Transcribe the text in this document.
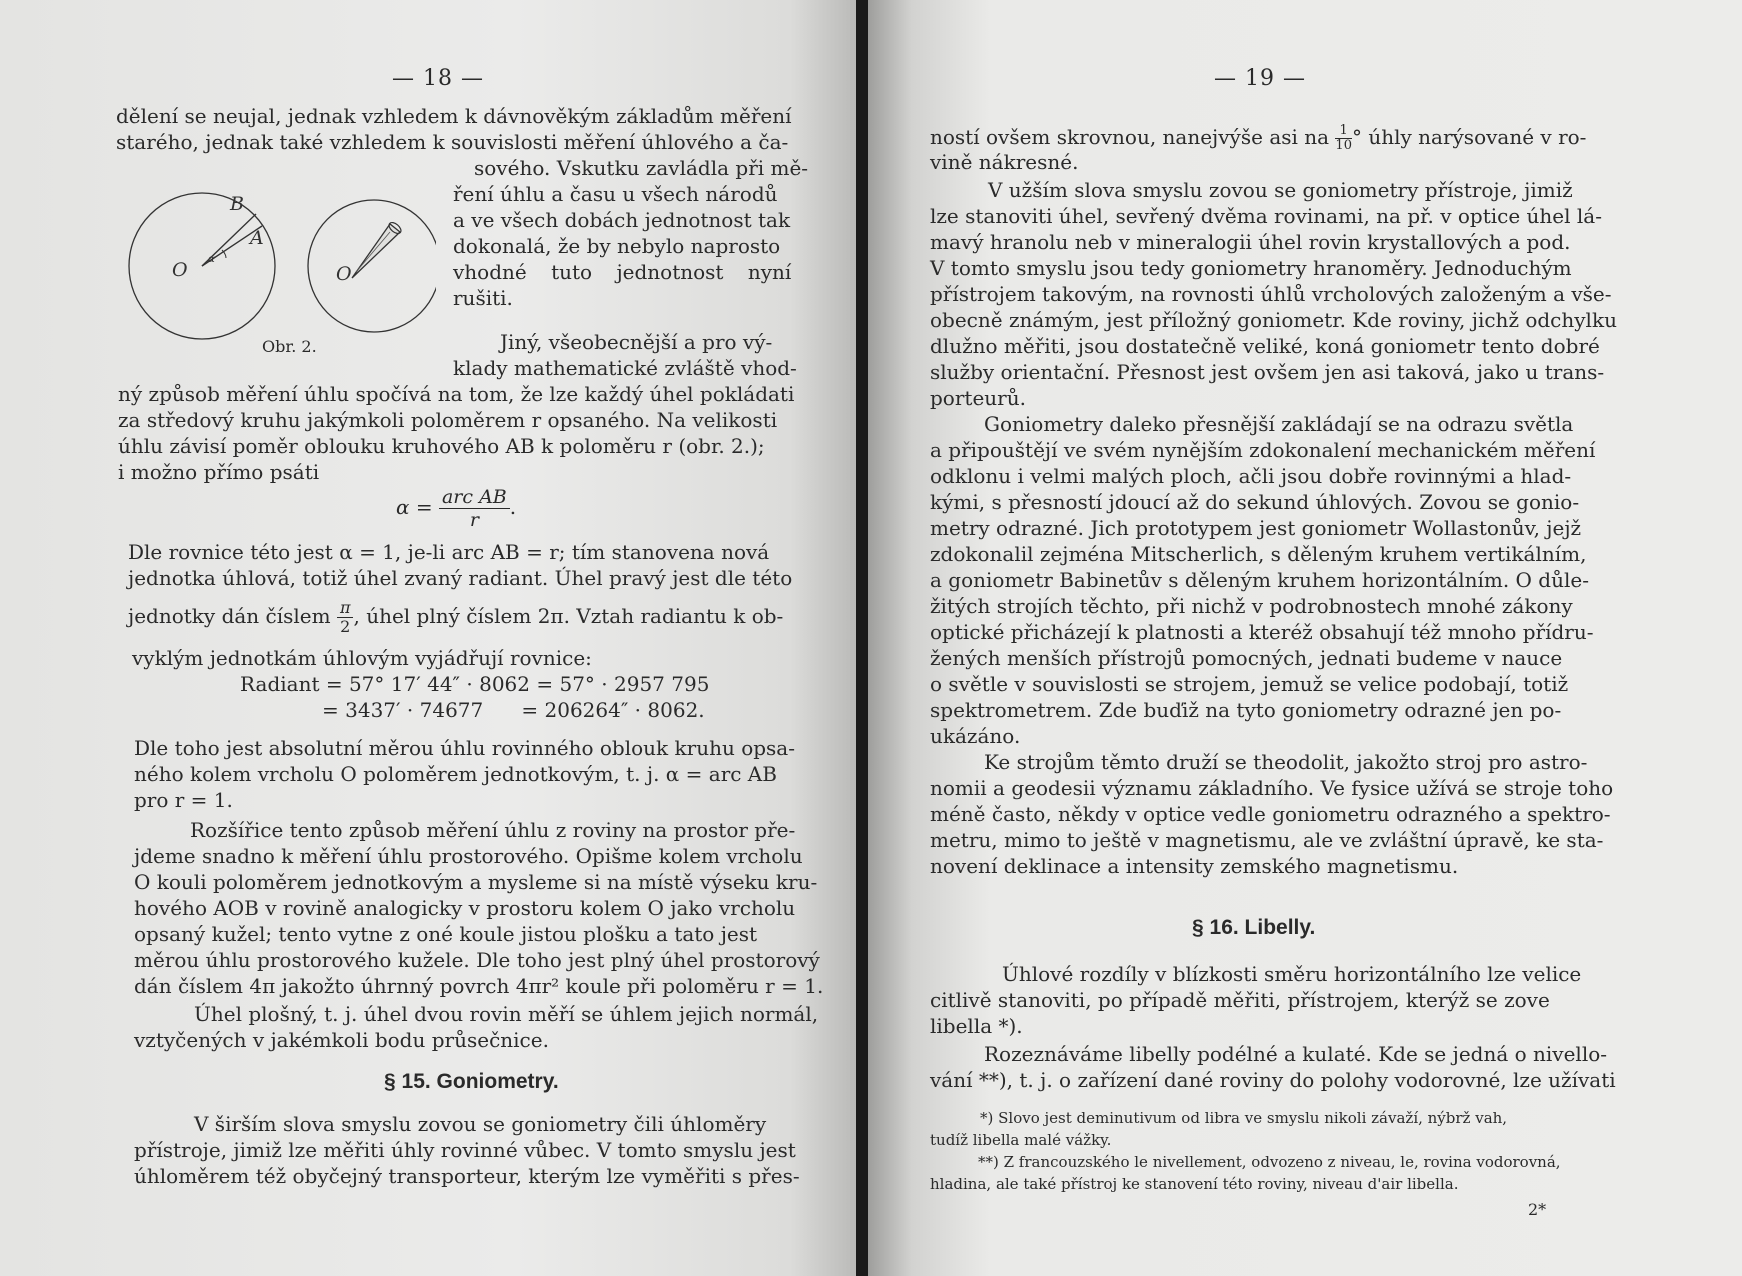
— 18 —
dělení se neujal, jednak vzhledem k dávnověkým základům měření
starého, jednak také vzhledem k souvislosti měření úhlového a ča-
sového. Vskutku zavládla při mě-
ření úhlu a času u všech národů
a ve všech dobách jednotnost tak
dokonalá, že by nebylo naprosto
vhodné tuto jednotnost nyní
rušiti.
B
A
O α
O
Obr. 2.	Jiný, všeobecnější a pro vý-
klady mathematické zvláště vhod-
ný způsob měření úhlu spočívá na tom, že lze každý úhel pokládati
za středový kruhu jakýmkoli poloměrem r opsaného. Na velikosti
úhlu závisí poměr oblouku kruhového AB k poloměru r (obr. 2.);
i možno přímo psáti
$\alpha = \frac{\text{arc AB}}{r}$ .
Dle rovnice této jest α = 1, je-li arc AB = r; tím stanovena nová
jednotka úhlová, totiž úhel zvaný radiant. Úhel pravý jest dle této
jednotky dán číslem $\frac{\pi}{2}$ , úhel plný číslem 2π. Vztah radiantu k ob-
vyklým jednotkám úhlovým vyjádřují rovnice:
Radiant = 57° 17′ 44″ · 8062 = 57° · 2957 795
= 3437′ · 74677      = 206264″ · 8062.
Dle toho jest absolutní měrou úhlu rovinného oblouk kruhu opsa-
ného kolem vrcholu O poloměrem jednotkovým, t. j. α = arc AB
pro r = 1.
Rozšířice tento způsob měření úhlu z roviny na prostor pře-
jdeme snadno k měření úhlu prostorového. Opišme kolem vrcholu
O kouli poloměrem jednotkovým a mysleme si na místě výseku kru-
hového AOB v rovině analogicky v prostoru kolem O jako vrcholu
opsaný kužel; tento vytne z oné koule jistou plošku a tato jest
měrou úhlu prostorového kužele. Dle toho jest plný úhel prostorový
dán číslem 4π jakožto úhrnný povrch 4πr² koule při poloměru r = 1.
Úhel plošný, t. j. úhel dvou rovin měří se úhlem jejich normál,
vztyčených v jakémkoli bodu průsečnice.
§ 15. Goniometry.
V širším slova smyslu zovou se goniometry čili úhloměry
přístroje, jimiž lze měřiti úhly rovinné vůbec. V tomto smyslu jest
úhloměrem též obyčejný transporteur, kterým lze vyměřiti s přes-
— 19 —
ností ovšem skrovnou, nanejvýše asi na $\frac{1}{10}$ ° úhly narýsované v ro-
vině nákresné.
V užším slova smyslu zovou se goniometry přístroje, jimiž
lze stanoviti úhel, sevřený dvěma rovinami, na př. v optice úhel lá-
mavý hranolu neb v mineralogii úhel rovin krystallových a pod.
V tomto smyslu jsou tedy goniometry hranoměry. Jednoduchým
přístrojem takovým, na rovnosti úhlů vrcholových založeným a vše-
obecně známým, jest příložný goniometr. Kde roviny, jichž odchylku
dlužno měřiti, jsou dostatečně veliké, koná goniometr tento dobré
služby orientační. Přesnost jest ovšem jen asi taková, jako u trans-
porteurů.
Goniometry daleko přesnější zakládají se na odrazu světla
a připouštějí ve svém nynějším zdokonalení mechanickém měření
odklonu i velmi malých ploch, ačli jsou dobře rovinnými a hlad-
kými, s přesností jdoucí až do sekund úhlových. Zovou se gonio-
metry odrazné. Jich prototypem jest goniometr Wollastonův, jejž
zdokonalil zejména Mitscherlich, s děleným kruhem vertikálním,
a goniometr Babinetův s děleným kruhem horizontálním. O důle-
žitých strojích těchto, při nichž v podrobnostech mnohé zákony
optické přicházejí k platnosti a kteréž obsahují též mnoho přídru-
žených menších přístrojů pomocných, jednati budeme v nauce
o světle v souvislosti se strojem, jemuž se velice podobají, totiž
spektrometrem. Zde buďiž na tyto goniometry odrazné jen po-
ukázáno.
Ke strojům těmto druží se theodolit, jakožto stroj pro astro-
nomii a geodesii významu základního. Ve fysice užívá se stroje toho
méně často, někdy v optice vedle goniometru odrazného a spektro-
metru, mimo to ještě v magnetismu, ale ve zvláštní úpravě, ke sta-
novení deklinace a intensity zemského magnetismu.
§ 16. Libelly.
Úhlové rozdíly v blízkosti směru horizontálního lze velice
citlivě stanoviti, po případě měřiti, přístrojem, kterýž se zove
libella *).
Rozeznáváme libelly podélné a kulaté. Kde se jedná o nivello-
vání **), t. j. o zařízení dané roviny do polohy vodorovné, lze užívati
*) Slovo jest deminutivum od libra ve smyslu nikoli závaží, nýbrž vah,
tudíž libella malé vážky.
**) Z francouzského le nivellement, odvozeno z niveau, le, rovina vodorovná,
hladina, ale také přístroj ke stanovení této roviny, niveau d'air libella.
2*
